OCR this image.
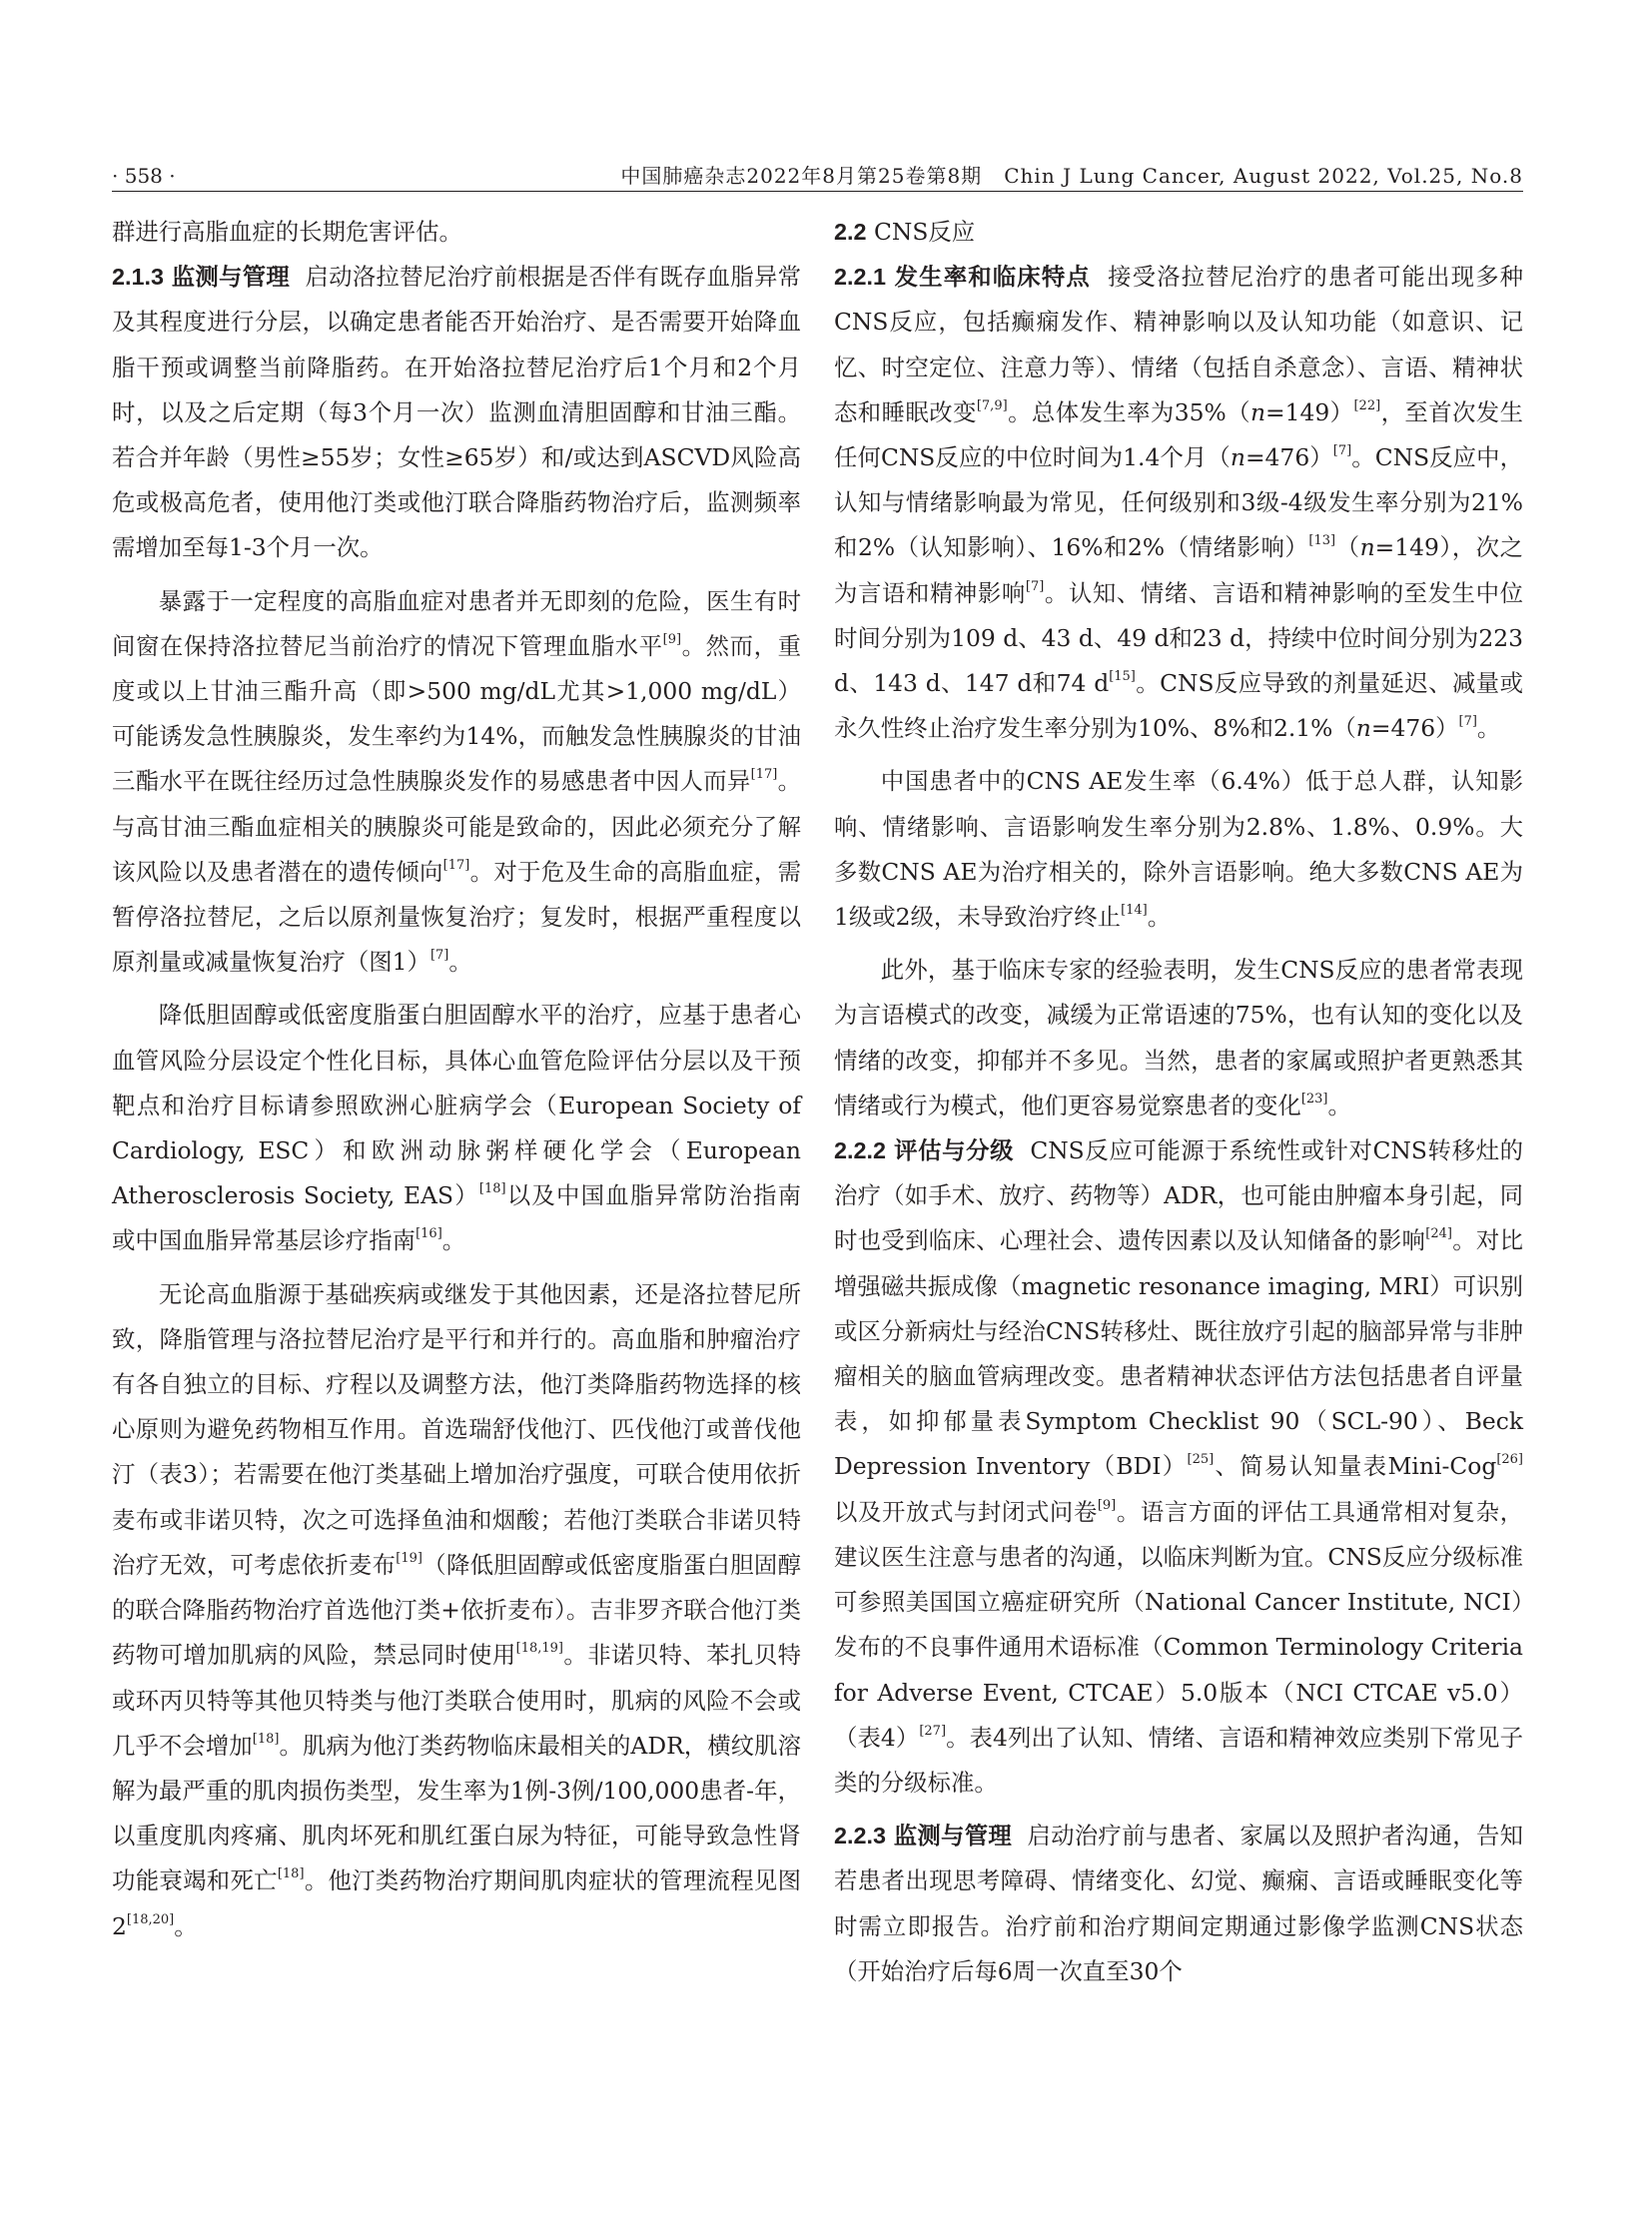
· 558 ·	中国肺癌杂志2022年8月第25卷第8期 Chin J Lung Cancer, August 2022, Vol.25, No.8

群进行高脂血症的长期危害评估。

2.1.3 监测与管理 启动洛拉替尼治疗前根据是否伴有既存血脂异常及其程度进行分层，以确定患者能否开始治疗、是否需要开始降血脂干预或调整当前降脂药。在开始洛拉替尼治疗后1个月和2个月时，以及之后定期（每3个月一次）监测血清胆固醇和甘油三酯。若合并年龄（男性≥55岁；女性≥65岁）和/或达到ASCVD风险高危或极高危者，使用他汀类或他汀联合降脂药物治疗后，监测频率需增加至每1-3个月一次。

暴露于一定程度的高脂血症对患者并无即刻的危险，医生有时间窗在保持洛拉替尼当前治疗的情况下管理血脂水平[9]。然而，重度或以上甘油三酯升高（即>500 mg/dL尤其>1,000 mg/dL）可能诱发急性胰腺炎，发生率约为14%，而触发急性胰腺炎的甘油三酯水平在既往经历过急性胰腺炎发作的易感患者中因人而异[17]。与高甘油三酯血症相关的胰腺炎可能是致命的，因此必须充分了解该风险以及患者潜在的遗传倾向[17]。对于危及生命的高脂血症，需暂停洛拉替尼，之后以原剂量恢复治疗；复发时，根据严重程度以原剂量或减量恢复治疗（图1）[7]。

降低胆固醇或低密度脂蛋白胆固醇水平的治疗，应基于患者心血管风险分层设定个性化目标，具体心血管危险评估分层以及干预靶点和治疗目标请参照欧洲心脏病学会（European Society of Cardiology, ESC）和欧洲动脉粥样硬化学会（European Atherosclerosis Society, EAS）[18]以及中国血脂异常防治指南或中国血脂异常基层诊疗指南[16]。

无论高血脂源于基础疾病或继发于其他因素，还是洛拉替尼所致，降脂管理与洛拉替尼治疗是平行和并行的。高血脂和肿瘤治疗有各自独立的目标、疗程以及调整方法，他汀类降脂药物选择的核心原则为避免药物相互作用。首选瑞舒伐他汀、匹伐他汀或普伐他汀（表3）；若需要在他汀类基础上增加治疗强度，可联合使用依折麦布或非诺贝特，次之可选择鱼油和烟酸；若他汀类联合非诺贝特治疗无效，可考虑依折麦布[19]（降低胆固醇或低密度脂蛋白胆固醇的联合降脂药物治疗首选他汀类+依折麦布）。吉非罗齐联合他汀类药物可增加肌病的风险，禁忌同时使用[18,19]。非诺贝特、苯扎贝特或环丙贝特等其他贝特类与他汀类联合使用时，肌病的风险不会或几乎不会增加[18]。肌病为他汀类药物临床最相关的ADR，横纹肌溶解为最严重的肌肉损伤类型，发生率为1例-3例/100,000患者-年，以重度肌肉疼痛、肌肉坏死和肌红蛋白尿为特征，可能导致急性肾功能衰竭和死亡[18]。他汀类药物治疗期间肌肉症状的管理流程见图2[18,20]。

2.2 CNS反应

2.2.1 发生率和临床特点 接受洛拉替尼治疗的患者可能出现多种CNS反应，包括癫痫发作、精神影响以及认知功能（如意识、记忆、时空定位、注意力等）、情绪（包括自杀意念）、言语、精神状态和睡眠改变[7,9]。总体发生率为35%（n=149）[22]，至首次发生任何CNS反应的中位时间为1.4个月（n=476）[7]。CNS反应中，认知与情绪影响最为常见，任何级别和3级-4级发生率分别为21%和2%（认知影响）、16%和2%（情绪影响）[13]（n=149），次之为言语和精神影响[7]。认知、情绪、言语和精神影响的至发生中位时间分别为109 d、43 d、49 d和23 d，持续中位时间分别为223 d、143 d、147 d和74 d[15]。CNS反应导致的剂量延迟、减量或永久性终止治疗发生率分别为10%、8%和2.1%（n=476）[7]。

中国患者中的CNS AE发生率（6.4%）低于总人群，认知影响、情绪影响、言语影响发生率分别为2.8%、1.8%、0.9%。大多数CNS AE为治疗相关的，除外言语影响。绝大多数CNS AE为1级或2级，未导致治疗终止[14]。

此外，基于临床专家的经验表明，发生CNS反应的患者常表现为言语模式的改变，减缓为正常语速的75%，也有认知的变化以及情绪的改变，抑郁并不多见。当然，患者的家属或照护者更熟悉其情绪或行为模式，他们更容易觉察患者的变化[23]。

2.2.2 评估与分级 CNS反应可能源于系统性或针对CNS转移灶的治疗（如手术、放疗、药物等）ADR，也可能由肿瘤本身引起，同时也受到临床、心理社会、遗传因素以及认知储备的影响[24]。对比增强磁共振成像（magnetic resonance imaging, MRI）可识别或区分新病灶与经治CNS转移灶、既往放疗引起的脑部异常与非肿瘤相关的脑血管病理改变。患者精神状态评估方法包括患者自评量表，如抑郁量表Symptom Checklist 90（SCL-90）、Beck Depression Inventory（BDI）[25]、简易认知量表Mini-Cog[26]以及开放式与封闭式问卷[9]。语言方面的评估工具通常相对复杂，建议医生注意与患者的沟通，以临床判断为宜。CNS反应分级标准可参照美国国立癌症研究所（National Cancer Institute, NCI）发布的不良事件通用术语标准（Common Terminology Criteria for Adverse Event, CTCAE）5.0版本（NCI CTCAE v5.0）（表4）[27]。表4列出了认知、情绪、言语和精神效应类别下常见子类的分级标准。

2.2.3 监测与管理 启动治疗前与患者、家属以及照护者沟通，告知若患者出现思考障碍、情绪变化、幻觉、癫痫、言语或睡眠变化等时需立即报告。治疗前和治疗期间定期通过影像学监测CNS状态（开始治疗后每6周一次直至30个
